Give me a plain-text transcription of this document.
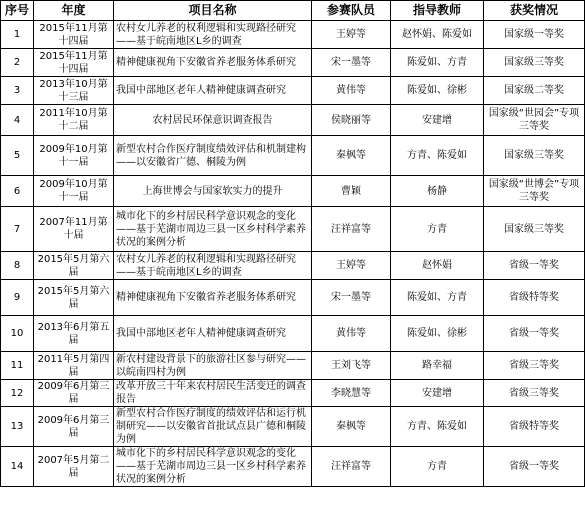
序号	年度	项目名称	参赛队员	指导教师	获奖情况
1	2015年11月第十四届	农村女儿养老的权利逻辑和实现路径研究——基于皖南地区L乡的调查	王婷等	赵怀娟、陈爱如	国家级一等奖
2	2015年11月第十四届	精神健康视角下安徽省养老服务体系研究	宋一墨等	陈爱如、方青	国家级三等奖
3	2013年10月第十三届	我国中部地区老年人精神健康调查研究	黄伟等	陈爱如、徐彬	国家级二等奖
4	2011年10月第十二届	农村居民环保意识调查报告	侯晓丽等	安建增	国家级“世园会”专项三等奖
5	2009年10月第十一届	新型农村合作医疗制度绩效评估和机制建构——以安徽省广德、桐陵为例	秦枫等	方青、陈爱如	国家级三等奖
6	2009年10月第十一届	上海世博会与国家软实力的提升	曹颖	杨静	国家级“世博会”专项三等奖
7	2007年11月第十届	城市化下的乡村居民科学意识观念的变化——基于芜湖市周边三县一区乡村科学素养状况的案例分析	汪祥富等	方青	国家级三等奖
8	2015年5月第六届	农村女儿养老的权利逻辑和实现路径研究——基于皖南地区L乡的调查	王婷等	赵怀娟	省级一等奖
9	2015年5月第六届	精神健康视角下安徽省养老服务体系研究	宋一墨等	陈爱如、方青	省级特等奖
10	2013年6月第五届	我国中部地区老年人精神健康调查研究	黄伟等	陈爱如、徐彬	省级一等奖
11	2011年5月第四届	新农村建设背景下的旅游社区参与研究——以皖南四村为例	王刘飞等	路幸福	省级三等奖
12	2009年6月第三届	改革开放三十年来农村居民生活变迁的调查报告	李晓慧等	安建增	省级三等奖
13	2009年6月第三届	新型农村合作医疗制度的绩效评估和运行机制研究——以安徽省首批试点县广德和桐陵为例	秦枫等	方青、陈爱如	省级特等奖
14	2007年5月第二届	城市化下的乡村居民科学意识观念的变化——基于芜湖市周边三县一区乡村科学素养状况的案例分析	汪祥富等	方青	省级一等奖
